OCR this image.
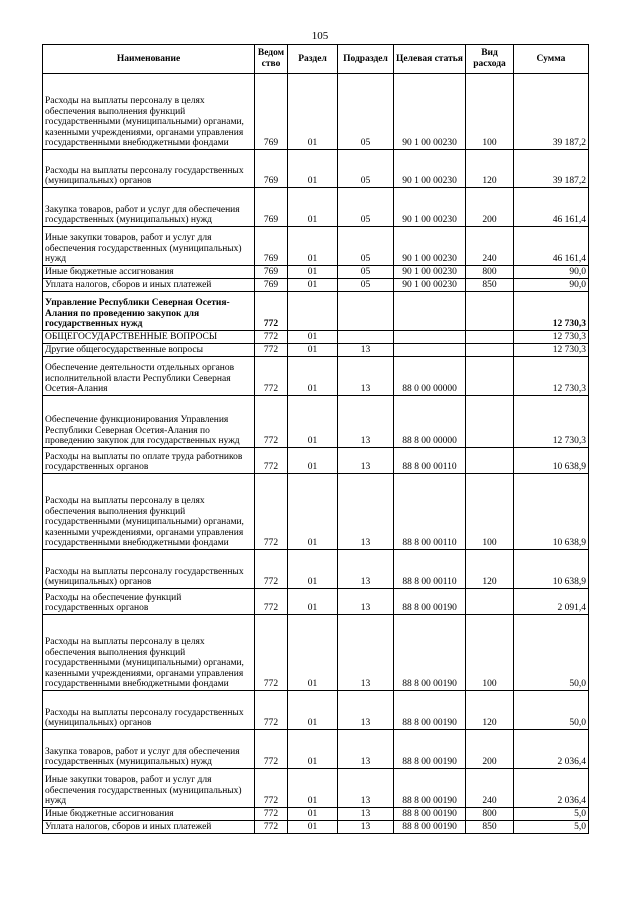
105
Наименование	Ведом ство	Раздел	Подраздел	Целевая статья	Вид расхода	Сумма
Расходы на выплаты персоналу в целях обеспечения выполнения функций государственными (муниципальными) органами, казенными учреждениями, органами управления государственными внебюджетными фондами	769	01	05	90 1 00 00230	100	39 187,2
Расходы на выплаты персоналу государственных (муниципальных) органов	769	01	05	90 1 00 00230	120	39 187,2
Закупка товаров, работ и услуг для обеспечения государственных (муниципальных) нужд	769	01	05	90 1 00 00230	200	46 161,4
Иные закупки товаров, работ и услуг для обеспечения государственных (муниципальных) нужд	769	01	05	90 1 00 00230	240	46 161,4
Иные бюджетные ассигнования	769	01	05	90 1 00 00230	800	90,0
Уплата налогов, сборов и иных платежей	769	01	05	90 1 00 00230	850	90,0
Управление Республики Северная Осетия-Алания по проведению закупок для государственных нужд	772					12 730,3
ОБЩЕГОСУДАРСТВЕННЫЕ ВОПРОСЫ	772	01				12 730,3
Другие общегосударственные вопросы	772	01	13			12 730,3
Обеспечение деятельности отдельных органов исполнительной власти Республики Северная Осетия-Алания	772	01	13	88 0 00 00000		12 730,3
Обеспечение функционирования Управления Республики Северная Осетия-Алания по проведению закупок для государственных нужд	772	01	13	88 8 00 00000		12 730,3
Расходы на выплаты по оплате труда работников государственных органов	772	01	13	88 8 00 00110		10 638,9
Расходы на выплаты персоналу в целях обеспечения выполнения функций государственными (муниципальными) органами, казенными учреждениями, органами управления государственными внебюджетными фондами	772	01	13	88 8 00 00110	100	10 638,9
Расходы на выплаты персоналу государственных (муниципальных) органов	772	01	13	88 8 00 00110	120	10 638,9
Расходы на обеспечение функций государственных органов	772	01	13	88 8 00 00190		2 091,4
Расходы на выплаты персоналу в целях обеспечения выполнения функций государственными (муниципальными) органами, казенными учреждениями, органами управления государственными внебюджетными фондами	772	01	13	88 8 00 00190	100	50,0
Расходы на выплаты персоналу государственных (муниципальных) органов	772	01	13	88 8 00 00190	120	50,0
Закупка товаров, работ и услуг для обеспечения государственных (муниципальных) нужд	772	01	13	88 8 00 00190	200	2 036,4
Иные закупки товаров, работ и услуг для обеспечения государственных (муниципальных) нужд	772	01	13	88 8 00 00190	240	2 036,4
Иные бюджетные ассигнования	772	01	13	88 8 00 00190	800	5,0
Уплата налогов, сборов и иных платежей	772	01	13	88 8 00 00190	850	5,0
